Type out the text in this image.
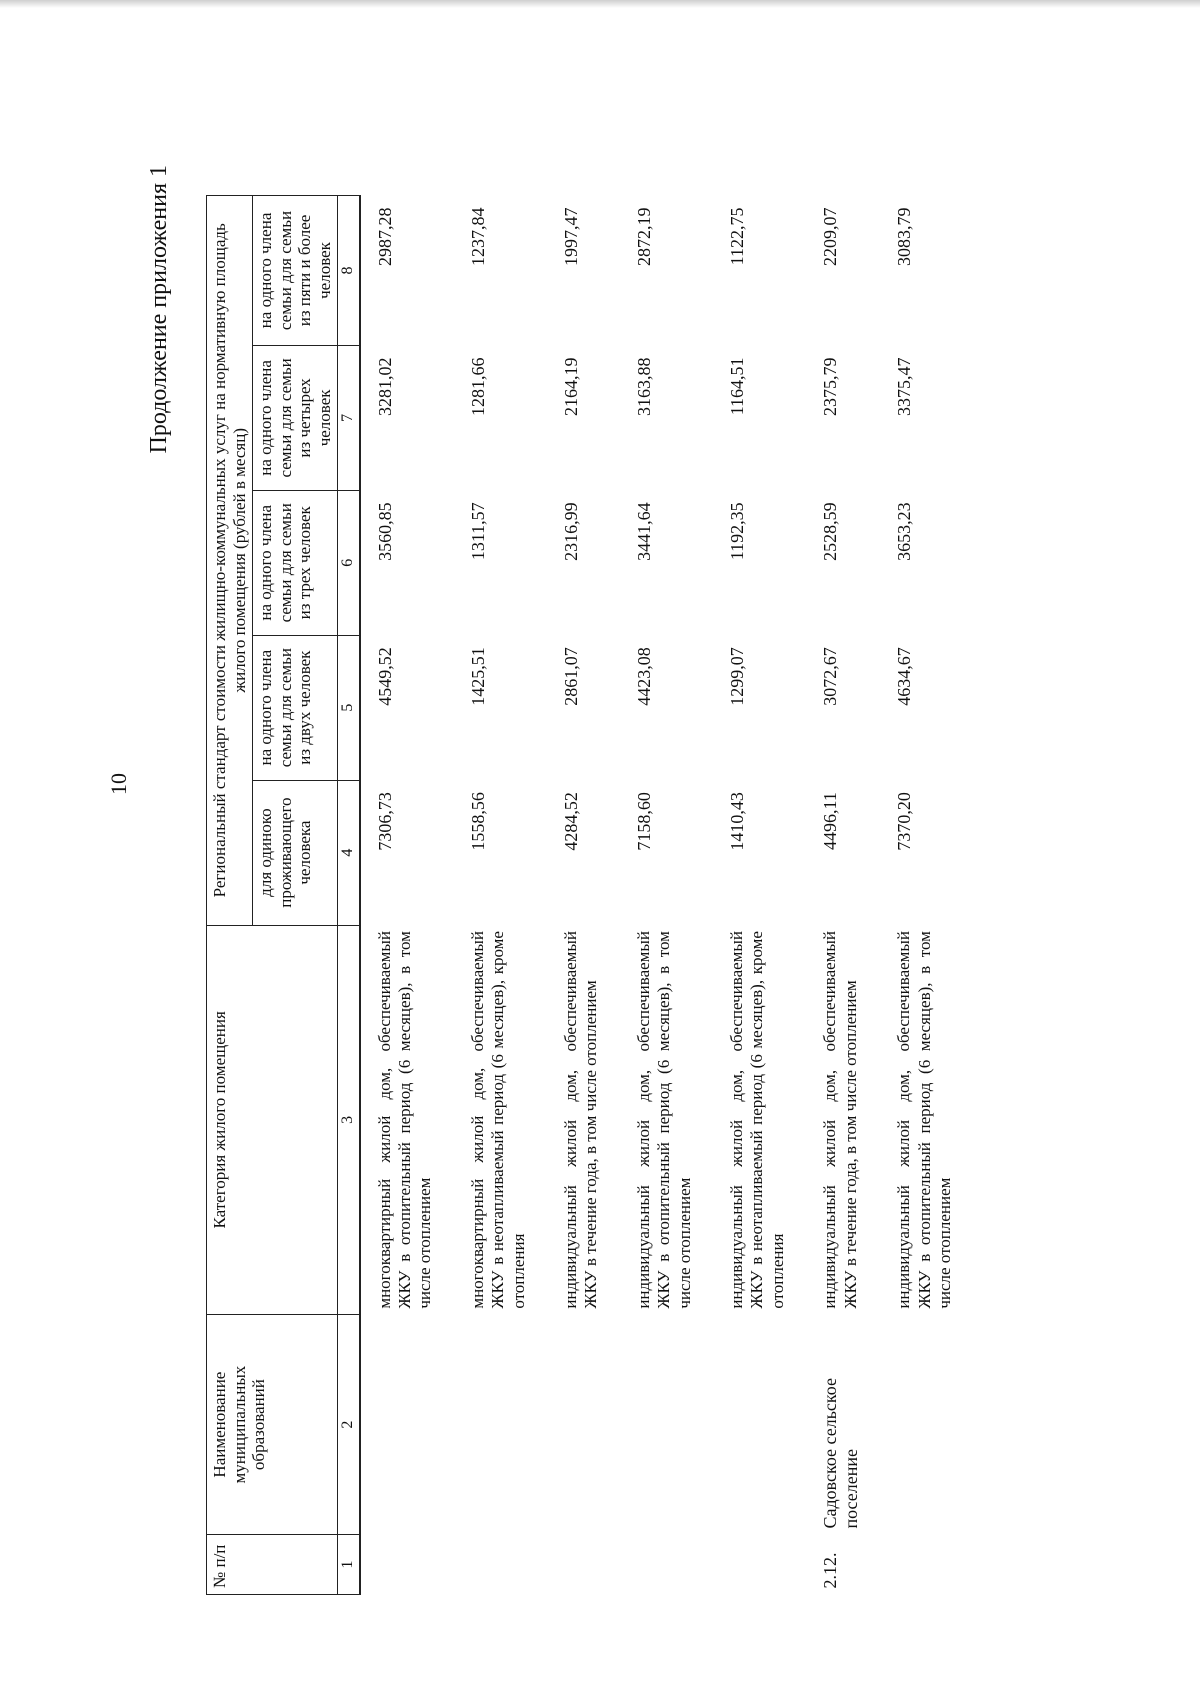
10
Продолжение приложения 1
№ п/п	Наименование муниципальных образований	Категория жилого помещения	Региональный стандарт стоимости жилищно-коммунальных услуг на нормативную площадь жилого помещения (рублей в месяц)				
			для одиноко проживающего человека	на одного члена семьи для семьи из двух человек	на одного члена семьи для семьи из трех человек	на одного члена семьи для семьи из четырех человек	на одного члена семьи для семьи из пяти и более человек
1	2	3	4	5	6	7	8
		многоквартирный жилой дом, обеспечиваемый ЖКУ в отопительный период (6 месяцев), в том числе отоплением	7306,73	4549,52	3560,85	3281,02	2987,28
		многоквартирный жилой дом, обеспечиваемый ЖКУ в неотапливаемый период (6 месяцев), кроме отопления	1558,56	1425,51	1311,57	1281,66	1237,84
		индивидуальный жилой дом, обеспечиваемый ЖКУ в течение года, в том числе отоплением	4284,52	2861,07	2316,99	2164,19	1997,47
		индивидуальный жилой дом, обеспечиваемый ЖКУ в отопительный период (6 месяцев), в том числе отоплением	7158,60	4423,08	3441,64	3163,88	2872,19
		индивидуальный жилой дом, обеспечиваемый ЖКУ в неотапливаемый период (6 месяцев), кроме отопления	1410,43	1299,07	1192,35	1164,51	1122,75
2.12.	Садовское сельское поселение	индивидуальный жилой дом, обеспечиваемый ЖКУ в течение года, в том числе отоплением	4496,11	3072,67	2528,59	2375,79	2209,07
		индивидуальный жилой дом, обеспечиваемый ЖКУ в отопительный период (6 месяцев), в том числе отоплением	7370,20	4634,67	3653,23	3375,47	3083,79
